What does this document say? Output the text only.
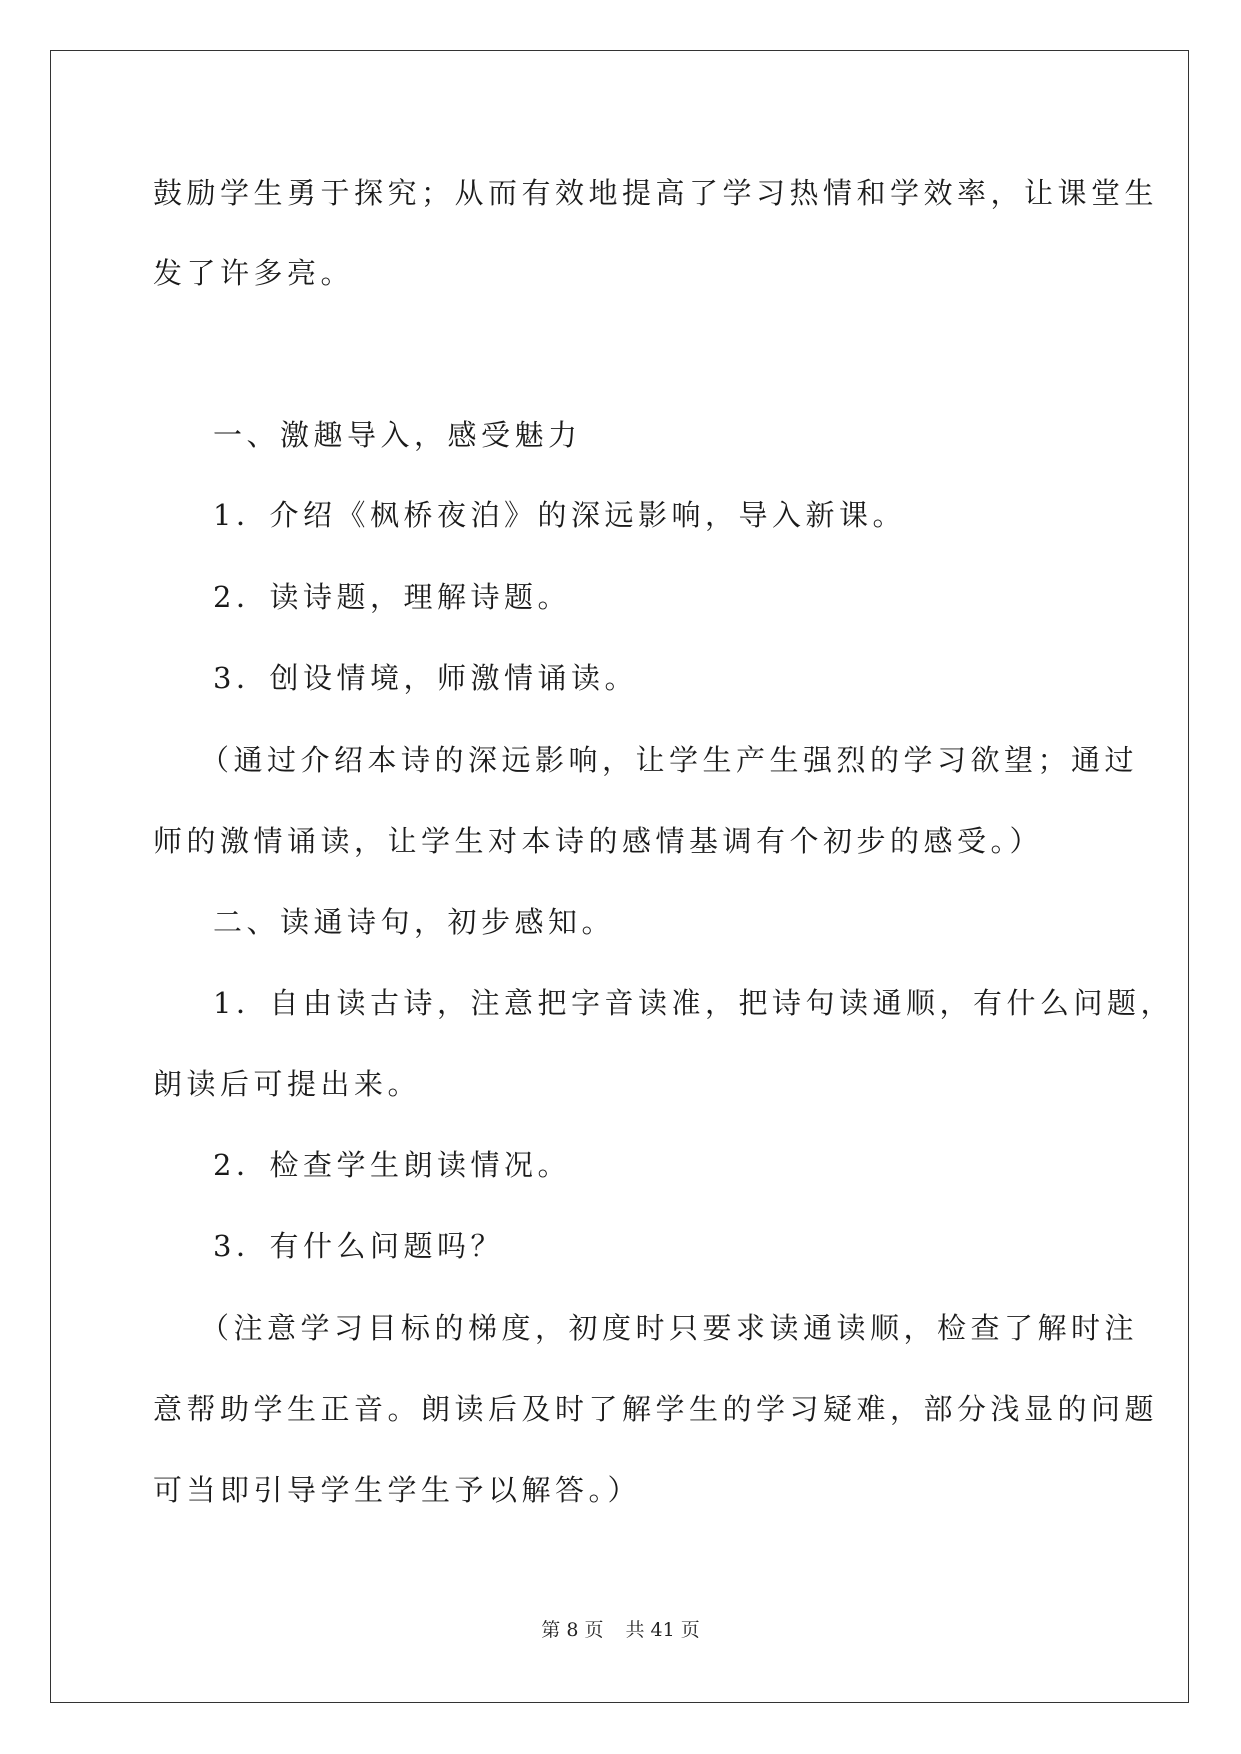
鼓励学生勇于探究；从而有效地提高了学习热情和学效率，让课堂生
发了许多亮。
一、激趣导入，感受魅力
1．介绍《枫桥夜泊》的深远影响，导入新课。
2．读诗题，理解诗题。
3．创设情境，师激情诵读。
（通过介绍本诗的深远影响，让学生产生强烈的学习欲望；通过
师的激情诵读，让学生对本诗的感情基调有个初步的感受。）
二、读通诗句，初步感知。
1．自由读古诗，注意把字音读准，把诗句读通顺，有什么问题，
朗读后可提出来。
2．检查学生朗读情况。
3．有什么问题吗？
（注意学习目标的梯度，初度时只要求读通读顺，检查了解时注
意帮助学生正音。朗读后及时了解学生的学习疑难，部分浅显的问题
可当即引导学生学生予以解答。）
第 8 页 共 41 页
